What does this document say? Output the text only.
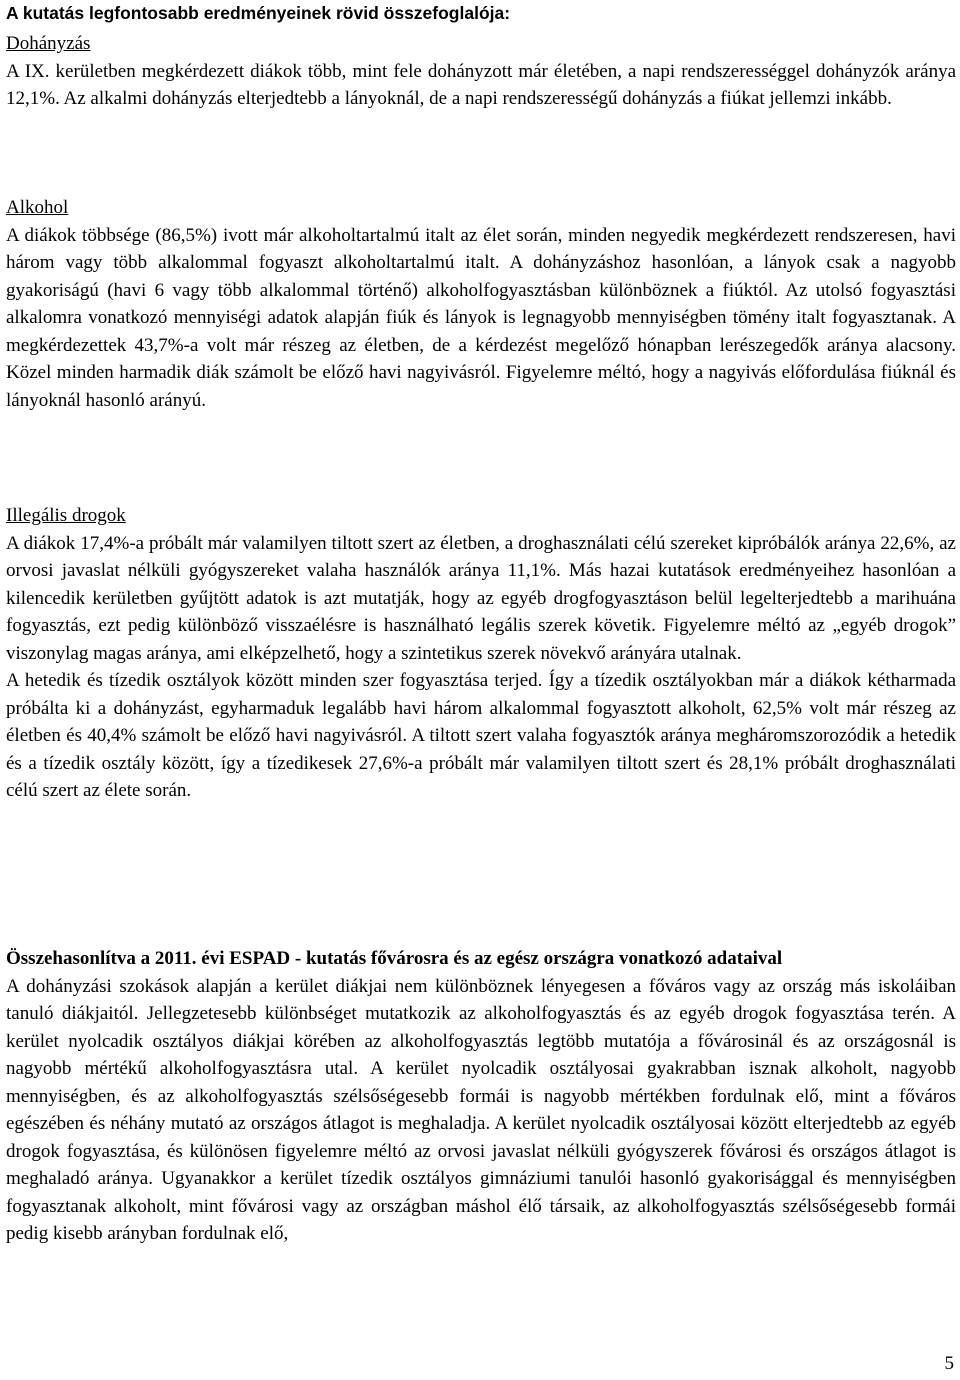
A kutatás legfontosabb eredményeinek rövid összefoglalója:

Dohányzás

A IX. kerületben megkérdezett diákok több, mint fele dohányzott már életében, a napi rendszerességgel dohányzók aránya 12,1%. Az alkalmi dohányzás elterjedtebb a lányoknál, de a napi rendszerességű dohányzás a fiúkat jellemzi inkább.

Alkohol

A diákok többsége (86,5%) ivott már alkoholtartalmú italt az élet során, minden negyedik megkérdezett rendszeresen, havi három vagy több alkalommal fogyaszt alkoholtartalmú italt. A dohányzáshoz hasonlóan, a lányok csak a nagyobb gyakoriságú (havi 6 vagy több alkalommal történő) alkoholfogyasztásban különböznek a fiúktól. Az utolsó fogyasztási alkalomra vonatkozó mennyiségi adatok alapján fiúk és lányok is legnagyobb mennyiségben tömény italt fogyasztanak. A megkérdezettek 43,7%-a volt már részeg az életben, de a kérdezést megelőző hónapban lerészegedők aránya alacsony. Közel minden harmadik diák számolt be előző havi nagyivásról. Figyelemre méltó, hogy a nagyivás előfordulása fiúknál és lányoknál hasonló arányú.

Illegális drogok

A diákok 17,4%-a próbált már valamilyen tiltott szert az életben, a droghasználati célú szereket kipróbálók aránya 22,6%, az orvosi javaslat nélküli gyógyszereket valaha használók aránya 11,1%. Más hazai kutatások eredményeihez hasonlóan a kilencedik kerületben gyűjtött adatok is azt mutatják, hogy az egyéb drogfogyasztáson belül legelterjedtebb a marihuána fogyasztás, ezt pedig különböző visszaélésre is használható legális szerek követik. Figyelemre méltó az „egyéb drogok” viszonylag magas aránya, ami elképzelhető, hogy a szintetikus szerek növekvő arányára utalnak.

A hetedik és tízedik osztályok között minden szer fogyasztása terjed. Így a tízedik osztályokban már a diákok kétharmada próbálta ki a dohányzást, egyharmaduk legalább havi három alkalommal fogyasztott alkoholt, 62,5% volt már részeg az életben és 40,4% számolt be előző havi nagyivásról. A tiltott szert valaha fogyasztók aránya megháromszorozódik a hetedik és a tízedik osztály között, így a tízedikesek 27,6%-a próbált már valamilyen tiltott szert és 28,1% próbált droghasználati célú szert az élete során.

Összehasonlítva a 2011. évi ESPAD - kutatás fővárosra és az egész országra vonatkozó adataival

A dohányzási szokások alapján a kerület diákjai nem különböznek lényegesen a főváros vagy az ország más iskoláiban tanuló diákjaitól. Jellegzetesebb különbséget mutatkozik az alkoholfogyasztás és az egyéb drogok fogyasztása terén. A kerület nyolcadik osztályos diákjai körében az alkoholfogyasztás legtöbb mutatója a fővárosinál és az országosnál is nagyobb mértékű alkoholfogyasztásra utal. A kerület nyolcadik osztályosai gyakrabban isznak alkoholt, nagyobb mennyiségben, és az alkoholfogyasztás szélsőségesebb formái is nagyobb mértékben fordulnak elő, mint a főváros egészében és néhány mutató az országos átlagot is meghaladja. A kerület nyolcadik osztályosai között elterjedtebb az egyéb drogok fogyasztása, és különösen figyelemre méltó az orvosi javaslat nélküli gyógyszerek fővárosi és országos átlagot is meghaladó aránya. Ugyanakkor a kerület tízedik osztályos gimnáziumi tanulói hasonló gyakorisággal és mennyiségben fogyasztanak alkoholt, mint fővárosi vagy az országban máshol élő társaik, az alkoholfogyasztás szélsőségesebb formái pedig kisebb arányban fordulnak elő,

5
